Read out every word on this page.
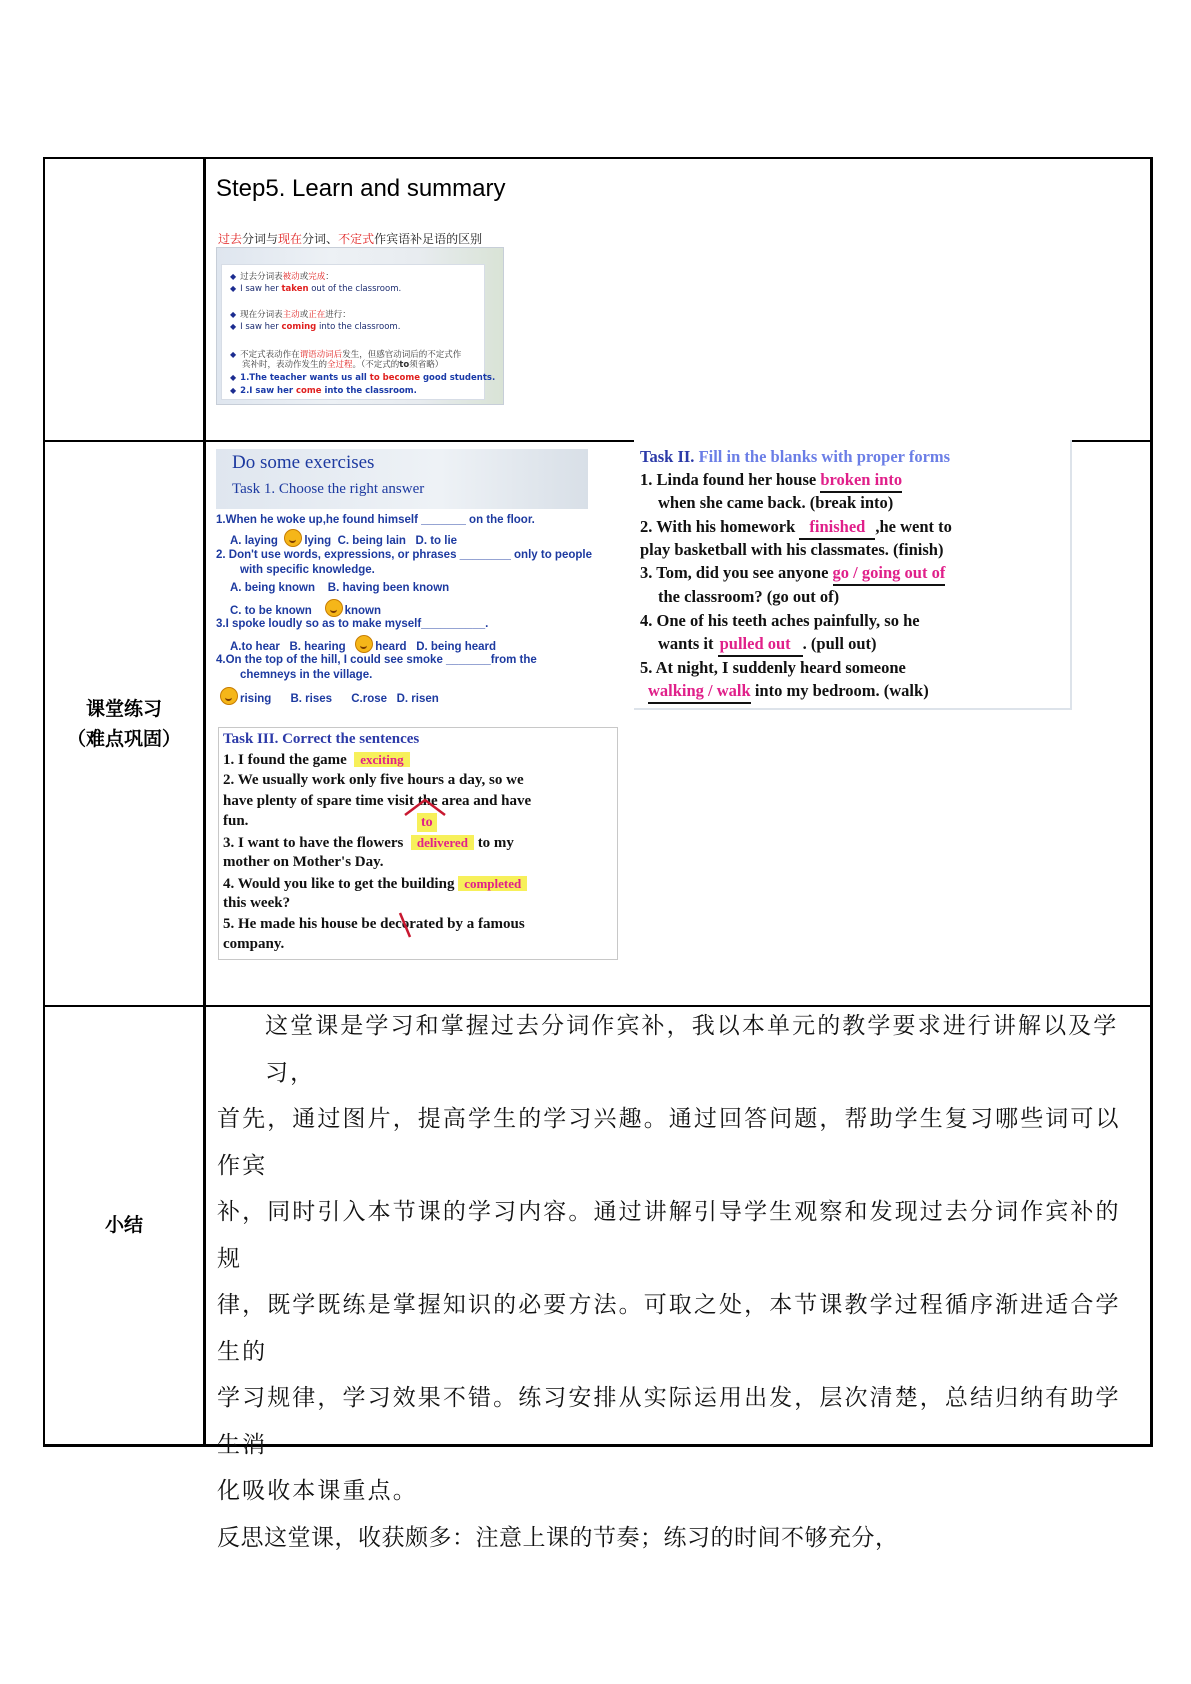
Step5. Learn and summary
过去分词与现在分词、不定式作宾语补足语的区别
◆ 过去分词表被动或完成：
◆ I saw her taken out of the classroom.
◆ 现在分词表主动或正在进行：
◆ I saw her coming into the classroom.
◆ 不定式表动作在谓语动词后发生，但感官动词后的不定式作
宾补时，表动作发生的全过程。（不定式的to须省略）
◆ 1.The teacher wants us all to become good students.
◆ 2.I saw her come into the classroom.
课堂练习
（难点巩固）
Do some exercises
Task 1. Choose the right answer
1.When he woke up,he found himself _______ on the floor.
A. laying lying C. being lain D. to lie
2. Don't use words, expressions, or phrases ________ only to people
with specific knowledge.
A. being known B. having been known
C. to be known	known
3.I spoke loudly so as to make myself__________.
A.to hear B. hearing	heard D. being heard
4.On the top of the hill, I could see smoke _______from the
chemneys in the village.
rising B. rises C.rose D. risen
Task II. Fill in the blanks with proper forms
1. Linda found her house broken into
when she came back. (break into)
2. With his homework finished ,he went to
play basketball with his classmates. (finish)
3. Tom, did you see anyone go / going out of
the classroom? (go out of)
4. One of his teeth aches painfully, so he
wants it pulled out . (pull out)
5. At night, I suddenly heard someone
walking / walk into my bedroom. (walk)
Task III. Correct the sentences
1. I found the game exciting
2. We usually work only five hours a day, so we
have plenty of spare time visit the area and have
fun.	to
3. I want to have the flowers delivered to my
mother on Mother's Day.
4. Would you like to get the building completed
this week?
5. He made his house be decorated by a famous
company.
小结
这堂课是学习和掌握过去分词作宾补，我以本单元的教学要求进行讲解以及学习，
首先，通过图片，提高学生的学习兴趣。通过回答问题，帮助学生复习哪些词可以作宾
补，同时引入本节课的学习内容。通过讲解引导学生观察和发现过去分词作宾补的规
律，既学既练是掌握知识的必要方法。可取之处，本节课教学过程循序渐进适合学生的
学习规律，学习效果不错。练习安排从实际运用出发，层次清楚，总结归纳有助学生消
化吸收本课重点。
反思这堂课，收获颇多：注意上课的节奏；练习的时间不够充分，
